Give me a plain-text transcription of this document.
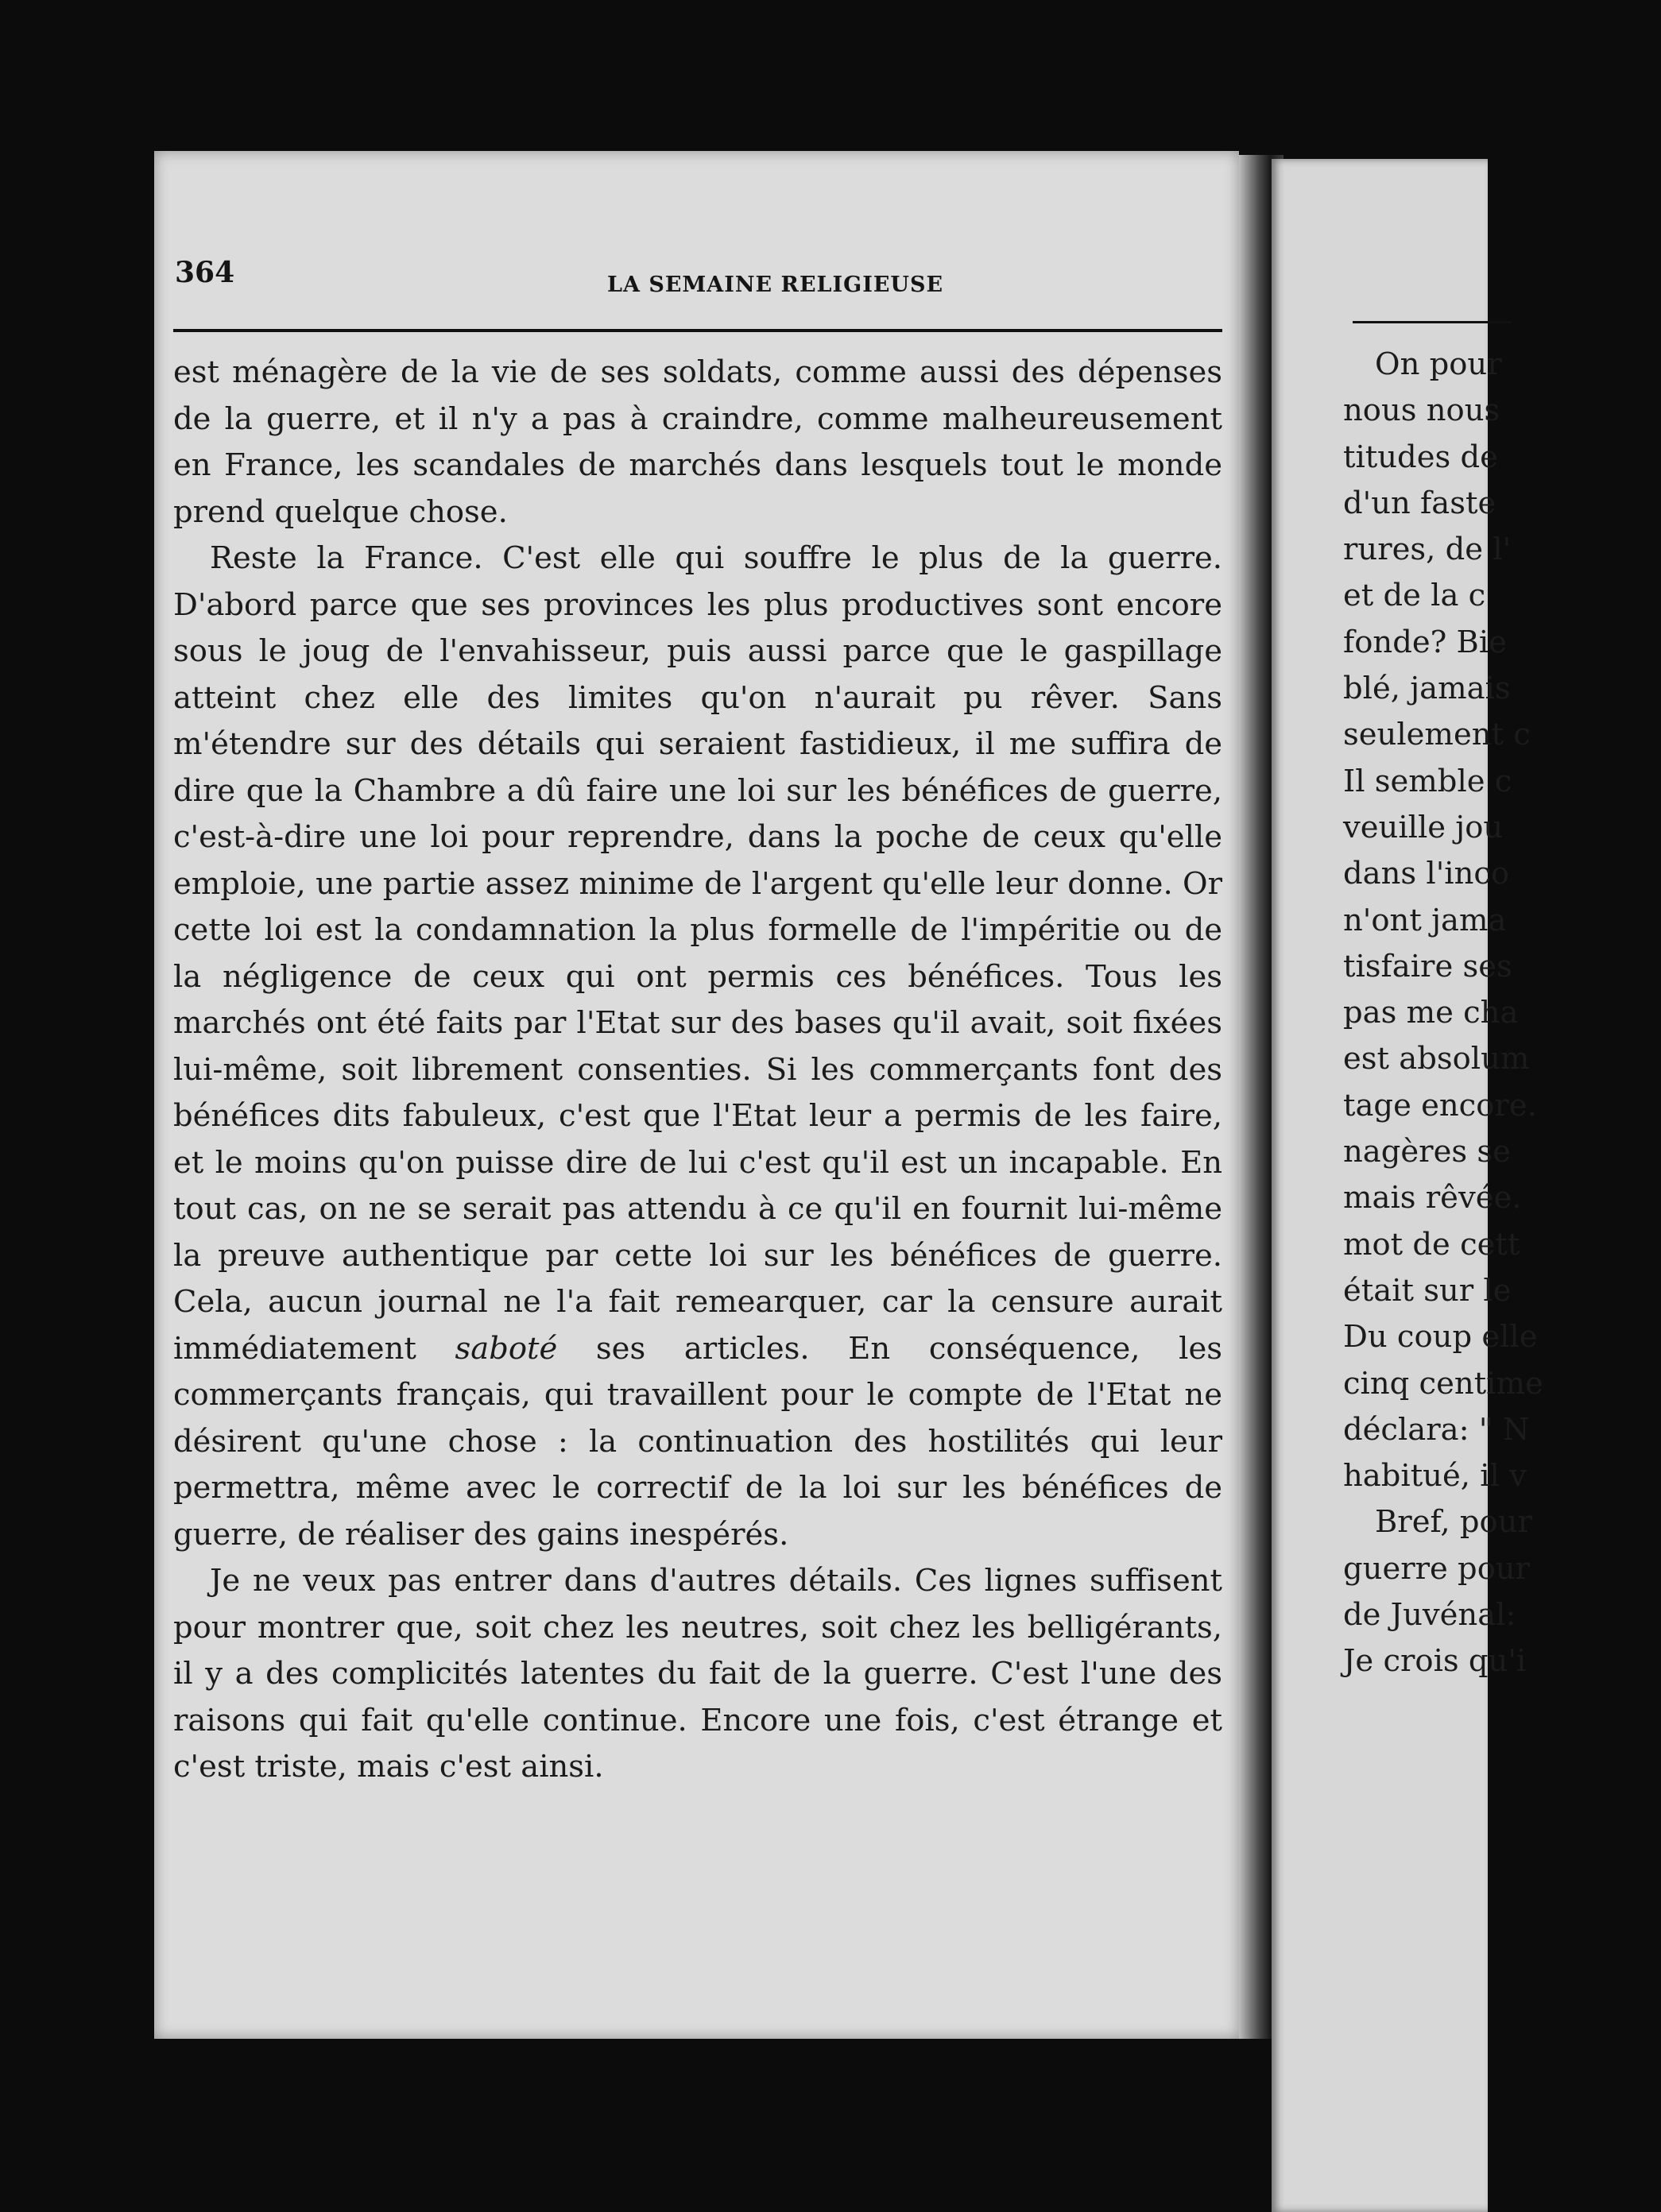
On pour
nous nous
titudes de
d'un faste
rures, de l'
et de la c
fonde? Bie
blé, jamais
seulement c
Il semble c
veuille jou
dans l'inco
n'ont jama
tisfaire ses
pas me cha
est absolum
tage encore.
nagères se
mais rêvée.
mot de cett
était sur le
Du coup elle
cinq centime
déclara: " N
habitué, il v
Bref, pour
guerre pour
de Juvénal:
Je crois qu'i
364	LA SEMAINE RELIGIEUSE

est ménagère de la vie de ses soldats, comme aussi des dépenses de la guerre, et il n'y a pas à craindre, comme malheureusement en France, les scandales de marchés dans lesquels tout le monde prend quelque chose.

Reste la France. C'est elle qui souffre le plus de la guerre. D'abord parce que ses provinces les plus productives sont encore sous le joug de l'envahisseur, puis aussi parce que le gaspillage atteint chez elle des limites qu'on n'aurait pu rêver. Sans m'étendre sur des détails qui seraient fastidieux, il me suffira de dire que la Chambre a dû faire une loi sur les bénéfices de guerre, c'est-à-dire une loi pour reprendre, dans la poche de ceux qu'elle emploie, une partie assez minime de l'argent qu'elle leur donne. Or cette loi est la condamnation la plus formelle de l'impéritie ou de la négligence de ceux qui ont permis ces bénéfices. Tous les marchés ont été faits par l'Etat sur des bases qu'il avait, soit fixées lui-même, soit librement consenties. Si les commerçants font des bénéfices dits fabuleux, c'est que l'Etat leur a permis de les faire, et le moins qu'on puisse dire de lui c'est qu'il est un incapable. En tout cas, on ne se serait pas attendu à ce qu'il en fournit lui-même la preuve authentique par cette loi sur les bénéfices de guerre. Cela, aucun journal ne l'a fait remearquer, car la censure aurait immédiatement saboté ses articles. En conséquence, les commerçants français, qui travaillent pour le compte de l'Etat ne désirent qu'une chose : la continuation des hostilités qui leur permettra, même avec le correctif de la loi sur les bénéfices de guerre, de réaliser des gains inespérés.

Je ne veux pas entrer dans d'autres détails. Ces lignes suffisent pour montrer que, soit chez les neutres, soit chez les belligérants, il y a des complicités latentes du fait de la guerre. C'est l'une des raisons qui fait qu'elle continue. Encore une fois, c'est étrange et c'est triste, mais c'est ainsi.
